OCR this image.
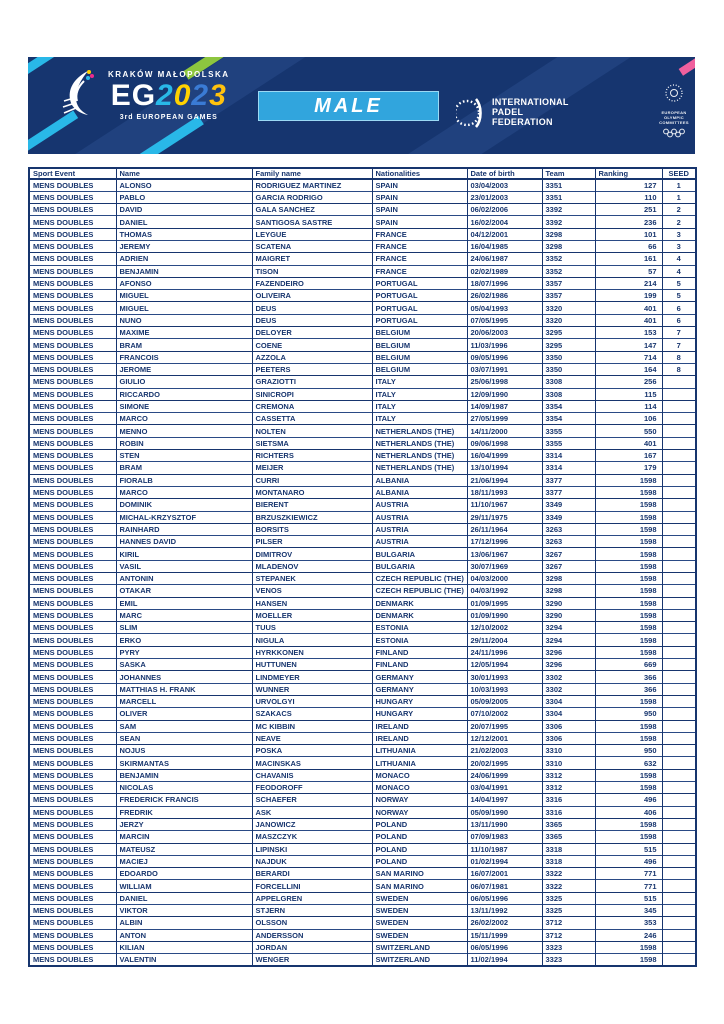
KRAKÓW MAŁOPOLSKA
EG 2 0 2 3
3rd EUROPEAN GAMES
MALE	INTERNATIONAL
PADEL
FEDERATION
EUROPEAN
OLYMPIC
COMMITTEES
Sport Event	Name	Family name	Nationalities	Date of birth	Team	Ranking	SEED
MENS DOUBLES	ALONSO	RODRIGUEZ MARTINEZ	SPAIN	03/04/2003	3351	127	1
MENS DOUBLES	PABLO	GARCIA RODRIGO	SPAIN	23/01/2003	3351	110	1
MENS DOUBLES	DAVID	GALA SANCHEZ	SPAIN	06/02/2006	3392	251	2
MENS DOUBLES	DANIEL	SANTIGOSA SASTRE	SPAIN	16/02/2004	3392	236	2
MENS DOUBLES	THOMAS	LEYGUE	FRANCE	04/12/2001	3298	101	3
MENS DOUBLES	JEREMY	SCATENA	FRANCE	16/04/1985	3298	66	3
MENS DOUBLES	ADRIEN	MAIGRET	FRANCE	24/06/1987	3352	161	4
MENS DOUBLES	BENJAMIN	TISON	FRANCE	02/02/1989	3352	57	4
MENS DOUBLES	AFONSO	FAZENDEIRO	PORTUGAL	18/07/1996	3357	214	5
MENS DOUBLES	MIGUEL	OLIVEIRA	PORTUGAL	26/02/1986	3357	199	5
MENS DOUBLES	MIGUEL	DEUS	PORTUGAL	05/04/1993	3320	401	6
MENS DOUBLES	NUNO	DEUS	PORTUGAL	07/05/1995	3320	401	6
MENS DOUBLES	MAXIME	DELOYER	BELGIUM	20/06/2003	3295	153	7
MENS DOUBLES	BRAM	COENE	BELGIUM	11/03/1996	3295	147	7
MENS DOUBLES	FRANCOIS	AZZOLA	BELGIUM	09/05/1996	3350	714	8
MENS DOUBLES	JEROME	PEETERS	BELGIUM	03/07/1991	3350	164	8
MENS DOUBLES	GIULIO	GRAZIOTTI	ITALY	25/06/1998	3308	256	
MENS DOUBLES	RICCARDO	SINICROPI	ITALY	12/09/1990	3308	115	
MENS DOUBLES	SIMONE	CREMONA	ITALY	14/09/1987	3354	114	
MENS DOUBLES	MARCO	CASSETTA	ITALY	27/05/1999	3354	106	
MENS DOUBLES	MENNO	NOLTEN	NETHERLANDS (THE)	14/11/2000	3355	550	
MENS DOUBLES	ROBIN	SIETSMA	NETHERLANDS (THE)	09/06/1998	3355	401	
MENS DOUBLES	STEN	RICHTERS	NETHERLANDS (THE)	16/04/1999	3314	167	
MENS DOUBLES	BRAM	MEIJER	NETHERLANDS (THE)	13/10/1994	3314	179	
MENS DOUBLES	FIORALB	CURRI	ALBANIA	21/06/1994	3377	1598	
MENS DOUBLES	MARCO	MONTANARO	ALBANIA	18/11/1993	3377	1598	
MENS DOUBLES	DOMINIK	BIERENT	AUSTRIA	11/10/1967	3349	1598	
MENS DOUBLES	MICHAL-KRZYSZTOF	BRZUSZKIEWICZ	AUSTRIA	29/11/1975	3349	1598	
MENS DOUBLES	RAINHARD	BORSITS	AUSTRIA	26/11/1964	3263	1598	
MENS DOUBLES	HANNES DAVID	PILSER	AUSTRIA	17/12/1996	3263	1598	
MENS DOUBLES	KIRIL	DIMITROV	BULGARIA	13/06/1967	3267	1598	
MENS DOUBLES	VASIL	MLADENOV	BULGARIA	30/07/1969	3267	1598	
MENS DOUBLES	ANTONIN	STEPANEK	CZECH REPUBLIC (THE)	04/03/2000	3298	1598	
MENS DOUBLES	OTAKAR	VENOS	CZECH REPUBLIC (THE)	04/03/1992	3298	1598	
MENS DOUBLES	EMIL	HANSEN	DENMARK	01/09/1995	3290	1598	
MENS DOUBLES	MARC	MOELLER	DENMARK	01/09/1990	3290	1598	
MENS DOUBLES	SLIM	TUUS	ESTONIA	12/10/2002	3294	1598	
MENS DOUBLES	ERKO	NIGULA	ESTONIA	29/11/2004	3294	1598	
MENS DOUBLES	PYRY	HYRKKONEN	FINLAND	24/11/1996	3296	1598	
MENS DOUBLES	SASKA	HUTTUNEN	FINLAND	12/05/1994	3296	669	
MENS DOUBLES	JOHANNES	LINDMEYER	GERMANY	30/01/1993	3302	366	
MENS DOUBLES	MATTHIAS H. FRANK	WUNNER	GERMANY	10/03/1993	3302	366	
MENS DOUBLES	MARCELL	URVOLGYI	HUNGARY	05/09/2005	3304	1598	
MENS DOUBLES	OLIVER	SZAKACS	HUNGARY	07/10/2002	3304	950	
MENS DOUBLES	SAM	MC KIBBIN	IRELAND	20/07/1995	3306	1598	
MENS DOUBLES	SEAN	NEAVE	IRELAND	12/12/2001	3306	1598	
MENS DOUBLES	NOJUS	POSKA	LITHUANIA	21/02/2003	3310	950	
MENS DOUBLES	SKIRMANTAS	MACINSKAS	LITHUANIA	20/02/1995	3310	632	
MENS DOUBLES	BENJAMIN	CHAVANIS	MONACO	24/06/1999	3312	1598	
MENS DOUBLES	NICOLAS	FEODOROFF	MONACO	03/04/1991	3312	1598	
MENS DOUBLES	FREDERICK FRANCIS	SCHAEFER	NORWAY	14/04/1997	3316	496	
MENS DOUBLES	FREDRIK	ASK	NORWAY	05/09/1990	3316	406	
MENS DOUBLES	JERZY	JANOWICZ	POLAND	13/11/1990	3365	1598	
MENS DOUBLES	MARCIN	MASZCZYK	POLAND	07/09/1983	3365	1598	
MENS DOUBLES	MATEUSZ	LIPINSKI	POLAND	11/10/1987	3318	515	
MENS DOUBLES	MACIEJ	NAJDUK	POLAND	01/02/1994	3318	496	
MENS DOUBLES	EDOARDO	BERARDI	SAN MARINO	16/07/2001	3322	771	
MENS DOUBLES	WILLIAM	FORCELLINI	SAN MARINO	06/07/1981	3322	771	
MENS DOUBLES	DANIEL	APPELGREN	SWEDEN	06/05/1996	3325	515	
MENS DOUBLES	VIKTOR	STJERN	SWEDEN	13/11/1992	3325	345	
MENS DOUBLES	ALBIN	OLSSON	SWEDEN	26/02/2002	3712	353	
MENS DOUBLES	ANTON	ANDERSSON	SWEDEN	15/11/1999	3712	246	
MENS DOUBLES	KILIAN	JORDAN	SWITZERLAND	06/05/1996	3323	1598	
MENS DOUBLES	VALENTIN	WENGER	SWITZERLAND	11/02/1994	3323	1598	
